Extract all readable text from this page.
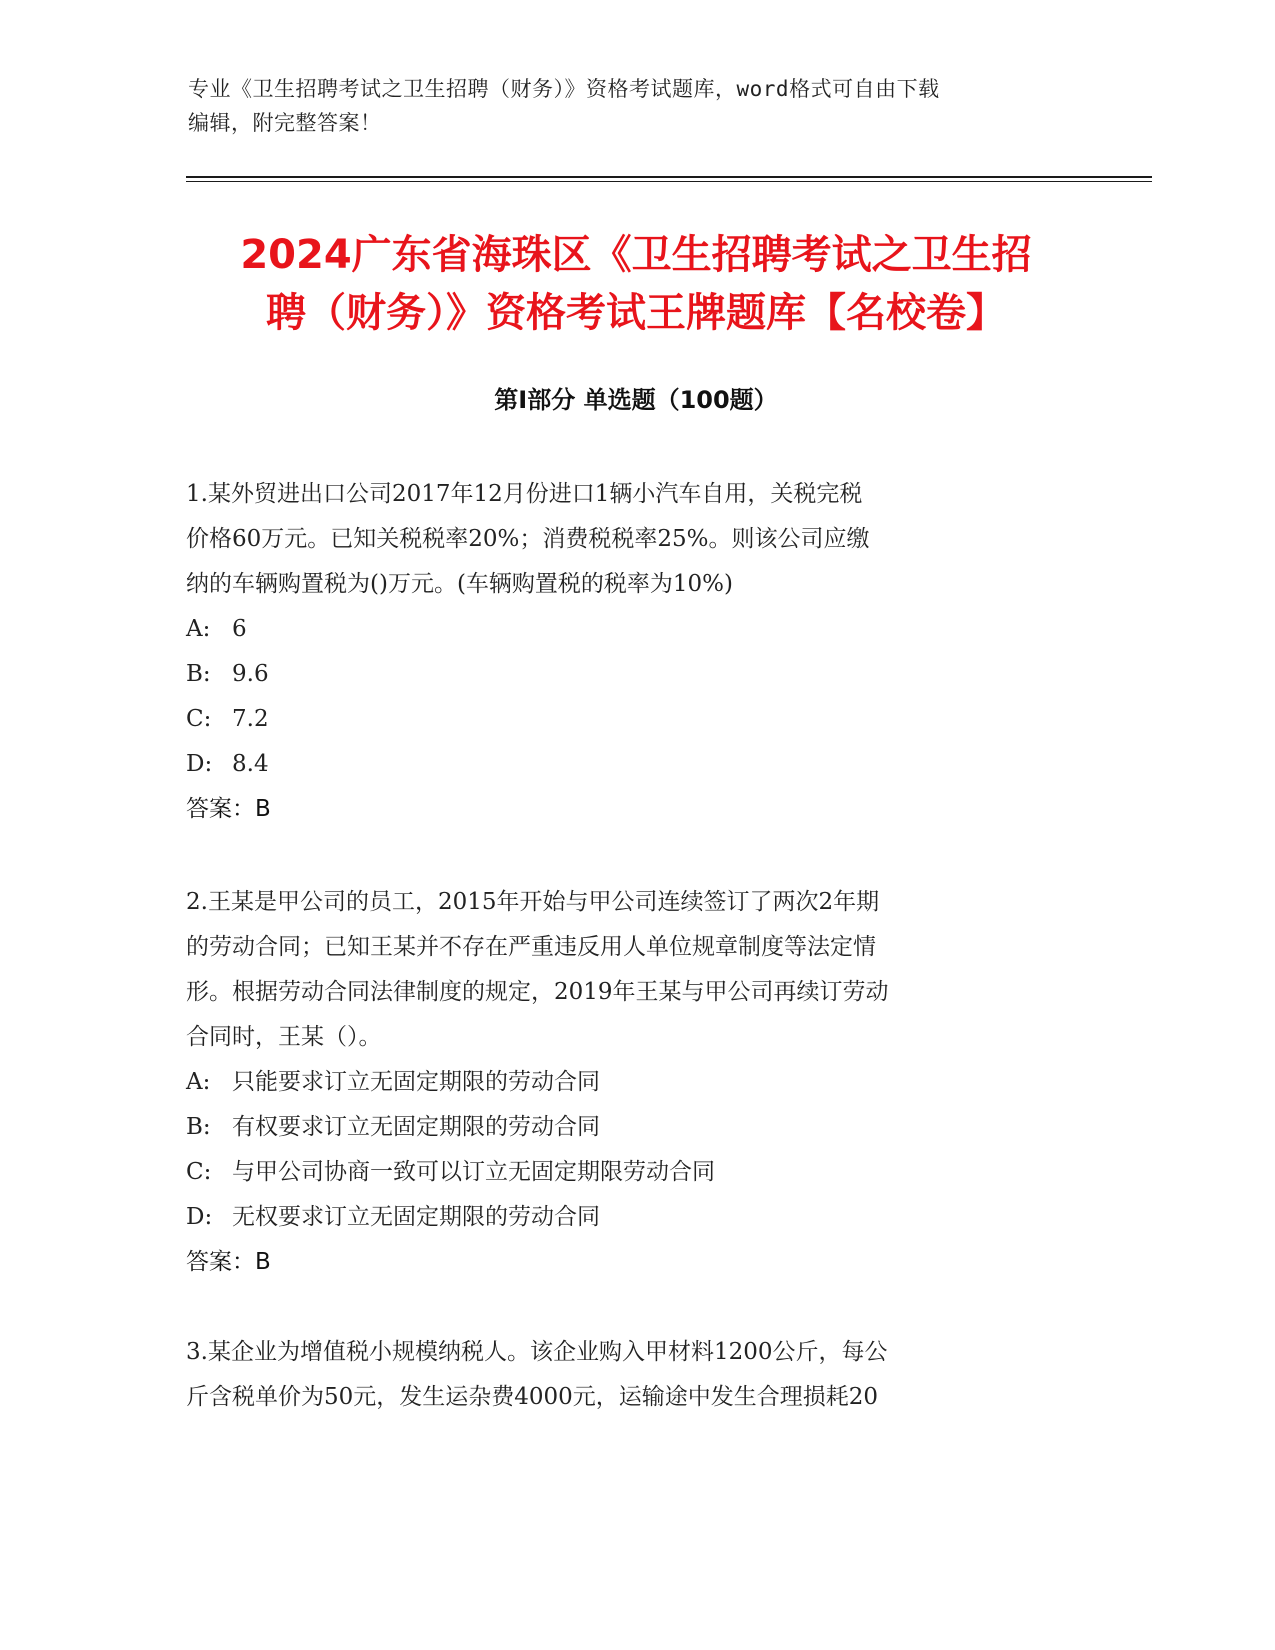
专业《卫生招聘考试之卫生招聘（财务）》资格考试题库，word格式可自由下载
编辑，附完整答案！
2024广东省海珠区《卫生招聘考试之卫生招
聘（财务）》资格考试王牌题库【名校卷】
第I部分 单选题（100题）
1.某外贸进出口公司2017年12月份进口1辆小汽车自用，关税完税
价格60万元。已知关税税率20%；消费税税率25%。则该公司应缴
纳的车辆购置税为()万元。(车辆购置税的税率为10%)
A: 6
B: 9.6
C: 7.2
D: 8.4
答案：B
2.王某是甲公司的员工，2015年开始与甲公司连续签订了两次2年期
的劳动合同；已知王某并不存在严重违反用人单位规章制度等法定情
形。根据劳动合同法律制度的规定，2019年王某与甲公司再续订劳动
合同时，王某（）。
A: 只能要求订立无固定期限的劳动合同
B: 有权要求订立无固定期限的劳动合同
C: 与甲公司协商一致可以订立无固定期限劳动合同
D: 无权要求订立无固定期限的劳动合同
答案：B
3.某企业为增值税小规模纳税人。该企业购入甲材料1200公斤，每公
斤含税单价为50元，发生运杂费4000元，运输途中发生合理损耗20
